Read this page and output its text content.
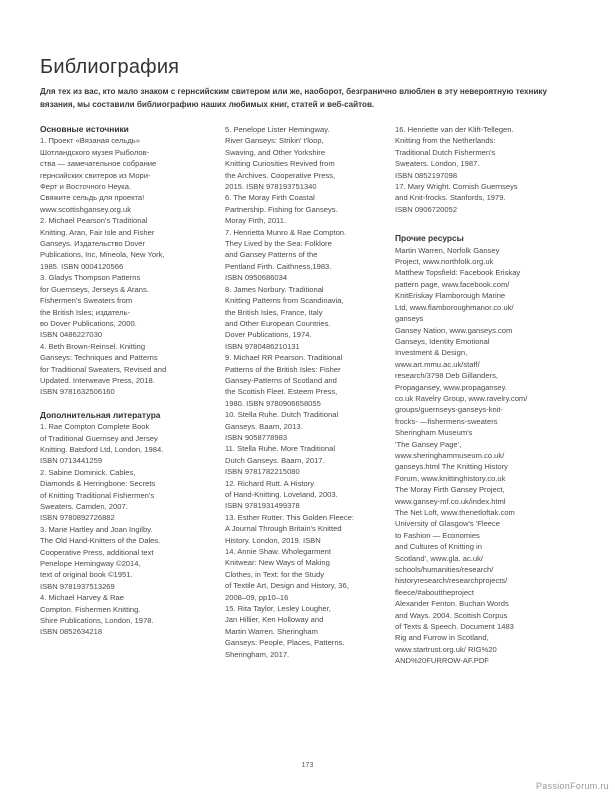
Библиография

Для тех из вас, кто мало знаком с гернсийским свитером или же, наоборот, безгранично влюблен в эту невероятную технику вязания, мы составили библиографию наших любимых книг, статей и веб-сайтов.

Основные источники
1. Проект «Вязаная сельдь»
Шотландского музея Рыболов-
ства — замечательное собрание
гернсийских свитеров из Мори-
Ферт и Восточного Неука.
Свяжите сельдь для проекта!
www.scottishgansey.org.uk
2. Michael Pearson's Traditional
Knitting. Aran, Fair Isle and Fisher
Ganseys. Издательство Dover
Publications, Inc, Mineola, New York,
1985. ISBN 0004120566
3. Gladys Thompson Patterns
for Guernseys, Jerseys & Arans.
Fishermen's Sweaters from
the British Isles; издатель-
во Dover Publications, 2000.
ISBN 0486227030
4. Beth Brown-Reinsel. Knitting
Ganseys: Techniques and Patterns
for Traditional Sweaters, Revised and
Updated. Interweave Press, 2018.
ISBN 9781632506160
Дополнительная литература
1. Rae Compton Complete Book
of Traditional Guernsey and Jersey
Knitting. Batsford Ltd, London, 1984.
ISBN 0713441259
2. Sabine Dominick. Cables,
Diamonds & Herringbone: Secrets
of Knitting Traditional Fishermen's
Sweaters. Camden, 2007.
ISBN 9780892726882
3. Marie Hartley and Joan Ingilby.
The Old Hand-Knitters of the Dales.
Cooperative Press, additional text
Penelope Hemingway ©2014,
text of original book ©1951.
ISBN 9781937513269
4. Michael Harvey & Rae
Compton. Fishermen Knitting.
Shire Publications, London, 1978.
ISBN 0852634218
5. Penelope Lister Hemingway.
River Ganseys: Strikin' t'loop,
Swaving, and Other Yorkshire
Knitting Curiosities Revived from
the Archives. Cooperative Press,
2015. ISBN 978193751340
6. The Moray Firth Coastal
Partnership. Fishing for Ganseys.
Moray Firth, 2011.
7. Henrietta Munro & Rae Compton.
They Lived by the Sea: Folklore
and Gansey Patterns of the
Pentland Firth. Caithness,1983.
ISBN 0950686034
8. James Norbury. Traditional
Knitting Patterns from Scandinavia,
the British Isles, France, Italy
and Other European Countries.
Dover Publications, 1974.
ISBN 9780486210131
9. Michael RR Pearson. Traditional
Patterns of the British Isles: Fisher
Gansey-Patterns of Scotland and
the Scottish Fleet. Esteem Press,
1980. ISBN 9780906658055
10. Stella Ruhe. Dutch Traditional
Ganseys. Baarn, 2013.
ISBN 9058778983
11. Stella Ruhe. More Traditional
Dutch Ganseys. Baarn, 2017.
ISBN 9781782215080
12. Richard Rutt. A History
of Hand-Knitting. Loveland, 2003.
ISBN 9781931499378
13. Esther Rutter. This Golden Fleece:
A Journal Through Britain's Knitted
History. London, 2019. ISBN
14. Annie Shaw. Wholegarment
Knitwear: New Ways of Making
Clothes, in Text: for the Study
of Textile Art, Design and History, 36,
2008–09, pp10–16
15. Rita Taylor, Lesley Lougher,
Jan Hillier, Ken Holloway and
Martin Warren. Sheringham
Ganseys: People, Places, Patterns.
Sheringham, 2017.
16. Henriette van der Klift-Tellegen.
Knitting from the Netherlands:
Traditional Dutch Fishermen's
Sweaters. London, 1987.
ISBN 0852197098
17. Mary Wright. Cornish Guernseys
and Knit-frocks. Stanfords, 1979.
ISBN 0906720052
Прочие ресурсы
Martin Warren, Norfolk Gansey
Project, www.northfolk.org.uk
Matthew Topsfield: Facebook Eriskay
pattern page, www.facebook.com/
KnitEriskay Flamborough Marine
Ltd, www.flamboroughmanor.co.uk/
ganseys
Gansey Nation, www.ganseys.com
Ganseys, Identity Emotional
Investment & Design,
www.art.mmu.ac.uk/staff/
research/3798 Deb Gillanders,
Propaganse​y, www.propagansey.
co.uk Ravelry Group, www.ravelry.com/
groups/guernseys-ganseys-knit-
frocks- —fishermens-sweaters
Sheringham Museum's
'The Gansey Page',
www.sheringhammuseum.co.uk/
ganseys.html The Knitting History
Forum, www.knittinghistory.co.uk
The Moray Firth Gansey Project,
www.gansey-mf.co.uk/index.html
The Net Loft, www.thenetloftak.com
University of Glasgow's 'Fleece
to Fashion — Economies
and Cultures of Knitting in
Scotland', www.gla. ac.uk/
schools/humanities/research/
historyresearch/researchprojects/
fleece/#abouttheproject
Alexander Fenton. Buchan Words
and Ways. 2004. Scottish Corpus
of Texts & Speech. Document 1483
Rig and Furrow in Scotland,
www.startrust.org.uk/ RIG%20
AND%20FURROW-AF.PDF
173
PassionForum.ru
